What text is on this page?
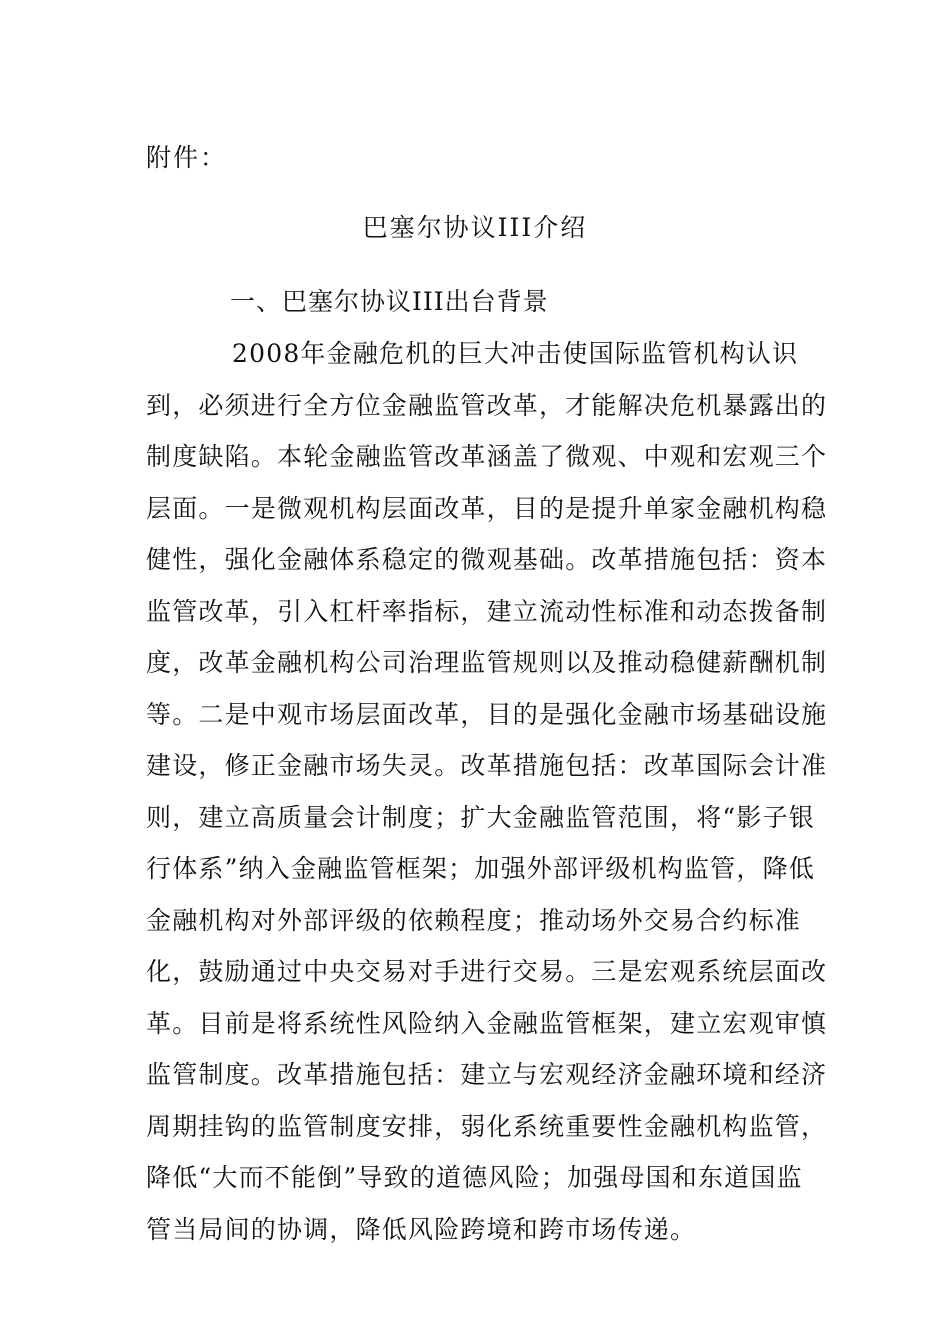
附件：
巴塞尔协议III介绍
一、巴塞尔协议III出台背景
2008年金融危机的巨大冲击使国际监管机构认识
到，必须进行全方位金融监管改革，才能解决危机暴露出的
制度缺陷。本轮金融监管改革涵盖了微观、中观和宏观三个
层面。一是微观机构层面改革，目的是提升单家金融机构稳
健性，强化金融体系稳定的微观基础。改革措施包括：资本
监管改革，引入杠杆率指标，建立流动性标准和动态拨备制
度，改革金融机构公司治理监管规则以及推动稳健薪酬机制
等。二是中观市场层面改革，目的是强化金融市场基础设施
建设，修正金融市场失灵。改革措施包括：改革国际会计准
则，建立高质量会计制度；扩大金融监管范围，将“影子银
行体系”纳入金融监管框架；加强外部评级机构监管，降低
金融机构对外部评级的依赖程度；推动场外交易合约标准
化，鼓励通过中央交易对手进行交易。三是宏观系统层面改
革。目前是将系统性风险纳入金融监管框架，建立宏观审慎
监管制度。改革措施包括：建立与宏观经济金融环境和经济
周期挂钩的监管制度安排，弱化系统重要性金融机构监管，
降低“大而不能倒”导致的道德风险；加强母国和东道国监
管当局间的协调，降低风险跨境和跨市场传递。
